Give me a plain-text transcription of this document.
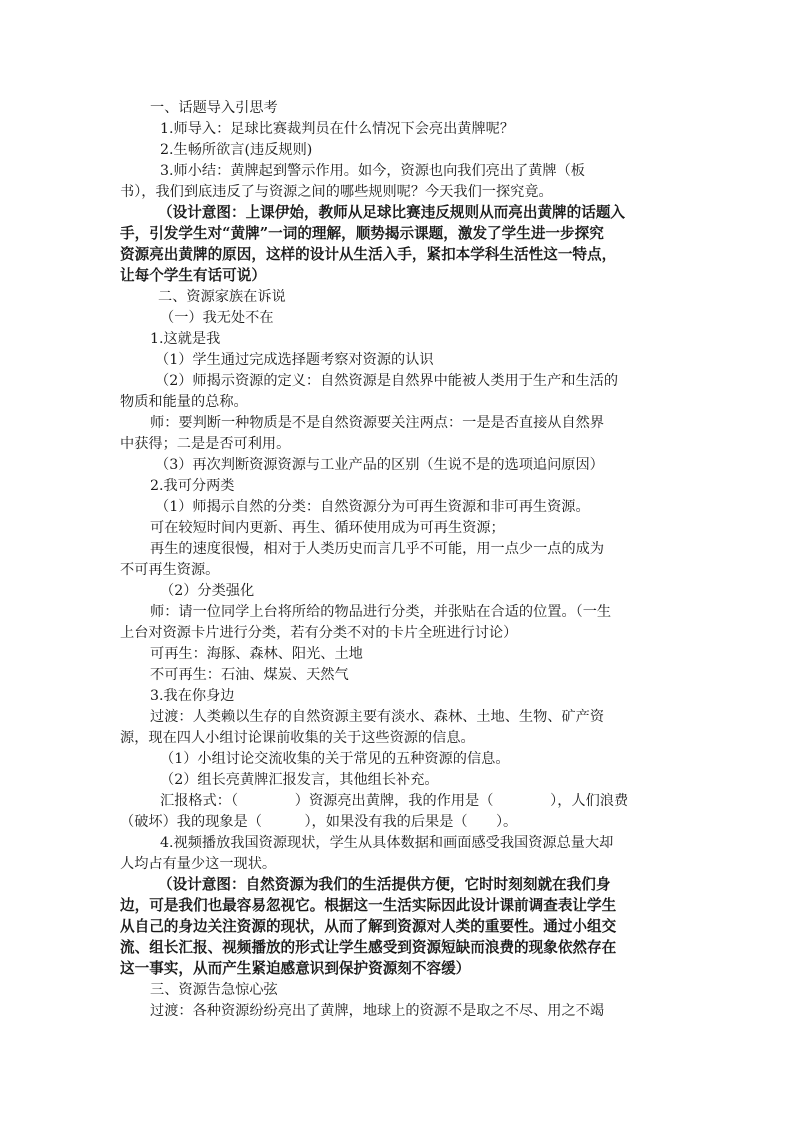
一、话题导入引思考
1.师导入：足球比赛裁判员在什么情况下会亮出黄牌呢？
2.生畅所欲言(违反规则)
3.师小结：黄牌起到警示作用。如今，资源也向我们亮出了黄牌（板
书），我们到底违反了与资源之间的哪些规则呢？今天我们一探究竟。
（设计意图：上课伊始，教师从足球比赛违反规则从而亮出黄牌的话题入
手，引发学生对“黄牌”一词的理解，顺势揭示课题，激发了学生进一步探究
资源亮出黄牌的原因，这样的设计从生活入手，紧扣本学科生活性这一特点，
让每个学生有话可说）
二、资源家族在诉说
（一）我无处不在
1.这就是我
（1）学生通过完成选择题考察对资源的认识
（2）师揭示资源的定义：自然资源是自然界中能被人类用于生产和生活的
物质和能量的总称。
师：要判断一种物质是不是自然资源要关注两点：一是是否直接从自然界
中获得；二是是否可利用。
（3）再次判断资源资源与工业产品的区别（生说不是的选项追问原因）
2.我可分两类
（1）师揭示自然的分类：自然资源分为可再生资源和非可再生资源。
可在较短时间内更新、再生、循环使用成为可再生资源；
再生的速度很慢，相对于人类历史而言几乎不可能，用一点少一点的成为
不可再生资源。
（2）分类强化
师：请一位同学上台将所给的物品进行分类，并张贴在合适的位置。（一生
上台对资源卡片进行分类，若有分类不对的卡片全班进行讨论）
可再生：海豚、森林、阳光、土地
不可再生：石油、煤炭、天然气
3.我在你身边
过渡：人类赖以生存的自然资源主要有淡水、森林、土地、生物、矿产资
源，现在四人小组讨论课前收集的关于这些资源的信息。
（1）小组讨论交流收集的关于常见的五种资源的信息。
（2）组长亮黄牌汇报发言，其他组长补充。
汇报格式：（　　　　）资源亮出黄牌，我的作用是（　　　　），人们浪费
（破坏）我的现象是（　　　），如果没有我的后果是（　　）。
4.视频播放我国资源现状，学生从具体数据和画面感受我国资源总量大却
人均占有量少这一现状。
（设计意图：自然资源为我们的生活提供方便，它时时刻刻就在我们身
边，可是我们也最容易忽视它。根据这一生活实际因此设计课前调查表让学生
从自己的身边关注资源的现状，从而了解到资源对人类的重要性。通过小组交
流、组长汇报、视频播放的形式让学生感受到资源短缺而浪费的现象依然存在
这一事实，从而产生紧迫感意识到保护资源刻不容缓）
三、资源告急惊心弦
过渡：各种资源纷纷亮出了黄牌，地球上的资源不是取之不尽、用之不竭
